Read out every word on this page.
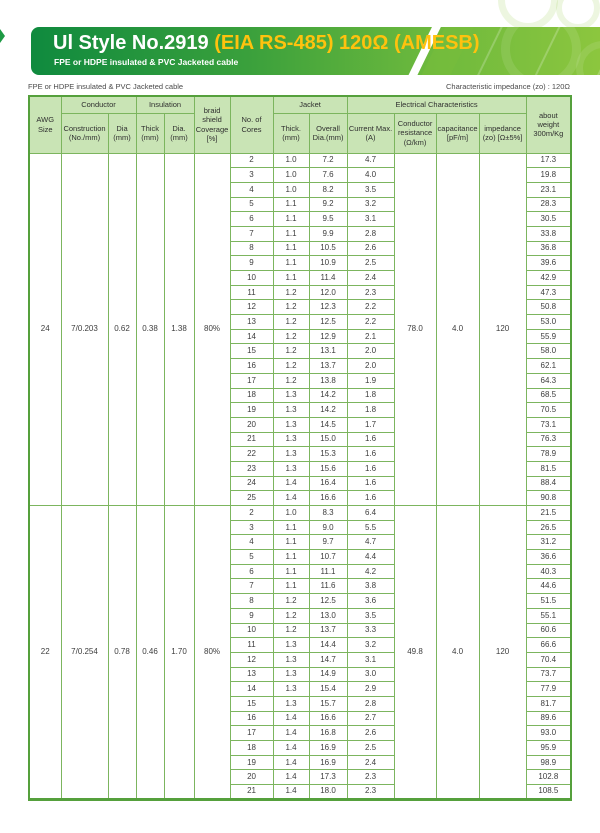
Ul Style No.2919 (EIA RS-485) 120Ω (AMESB)
FPE or HDPE insulated & PVC Jacketed cable
FPE or HDPE insulated & PVC Jacketed cable	Characteristic impedance (zo) : 120Ω
AWG Size	Conductor		Insulation		braid shield Coverage [%]	No. of Cores	Jacket		Electrical Characteristics				about weight 300m/Kg
	Construction (No./mm)	Dia (mm)	Thick (mm)	Dia. (mm)			Thick. (mm)	Overall Dia.(mm)	Current Max.(A)	Conductor resistance (Ω/km)	capacitance [pF/m]	impedance (zo) [Ω±5%]	
24	7/0.203	0.62	0.38	1.38	80%	2	1.0	7.2	4.7	78.0	4.0	120	17.3
						3	1.0	7.6	4.0				19.8
						4	1.0	8.2	3.5				23.1
						5	1.1	9.2	3.2				28.3
						6	1.1	9.5	3.1				30.5
						7	1.1	9.9	2.8				33.8
						8	1.1	10.5	2.6				36.8
						9	1.1	10.9	2.5				39.6
						10	1.1	11.4	2.4				42.9
						11	1.2	12.0	2.3				47.3
						12	1.2	12.3	2.2				50.8
						13	1.2	12.5	2.2				53.0
						14	1.2	12.9	2.1				55.9
						15	1.2	13.1	2.0				58.0
						16	1.2	13.7	2.0				62.1
						17	1.2	13.8	1.9				64.3
						18	1.3	14.2	1.8				68.5
						19	1.3	14.2	1.8				70.5
						20	1.3	14.5	1.7				73.1
						21	1.3	15.0	1.6				76.3
						22	1.3	15.3	1.6				78.9
						23	1.3	15.6	1.6				81.5
						24	1.4	16.4	1.6				88.4
						25	1.4	16.6	1.6				90.8
22	7/0.254	0.78	0.46	1.70	80%	2	1.0	8.3	6.4	49.8	4.0	120	21.5
						3	1.1	9.0	5.5				26.5
						4	1.1	9.7	4.7				31.2
						5	1.1	10.7	4.4				36.6
						6	1.1	11.1	4.2				40.3
						7	1.1	11.6	3.8				44.6
						8	1.2	12.5	3.6				51.5
						9	1.2	13.0	3.5				55.1
						10	1.2	13.7	3.3				60.6
						11	1.3	14.4	3.2				66.6
						12	1.3	14.7	3.1				70.4
						13	1.3	14.9	3.0				73.7
						14	1.3	15.4	2.9				77.9
						15	1.3	15.7	2.8				81.7
						16	1.4	16.6	2.7				89.6
						17	1.4	16.8	2.6				93.0
						18	1.4	16.9	2.5				95.9
						19	1.4	16.9	2.4				98.9
						20	1.4	17.3	2.3				102.8
						21	1.4	18.0	2.3				108.5
